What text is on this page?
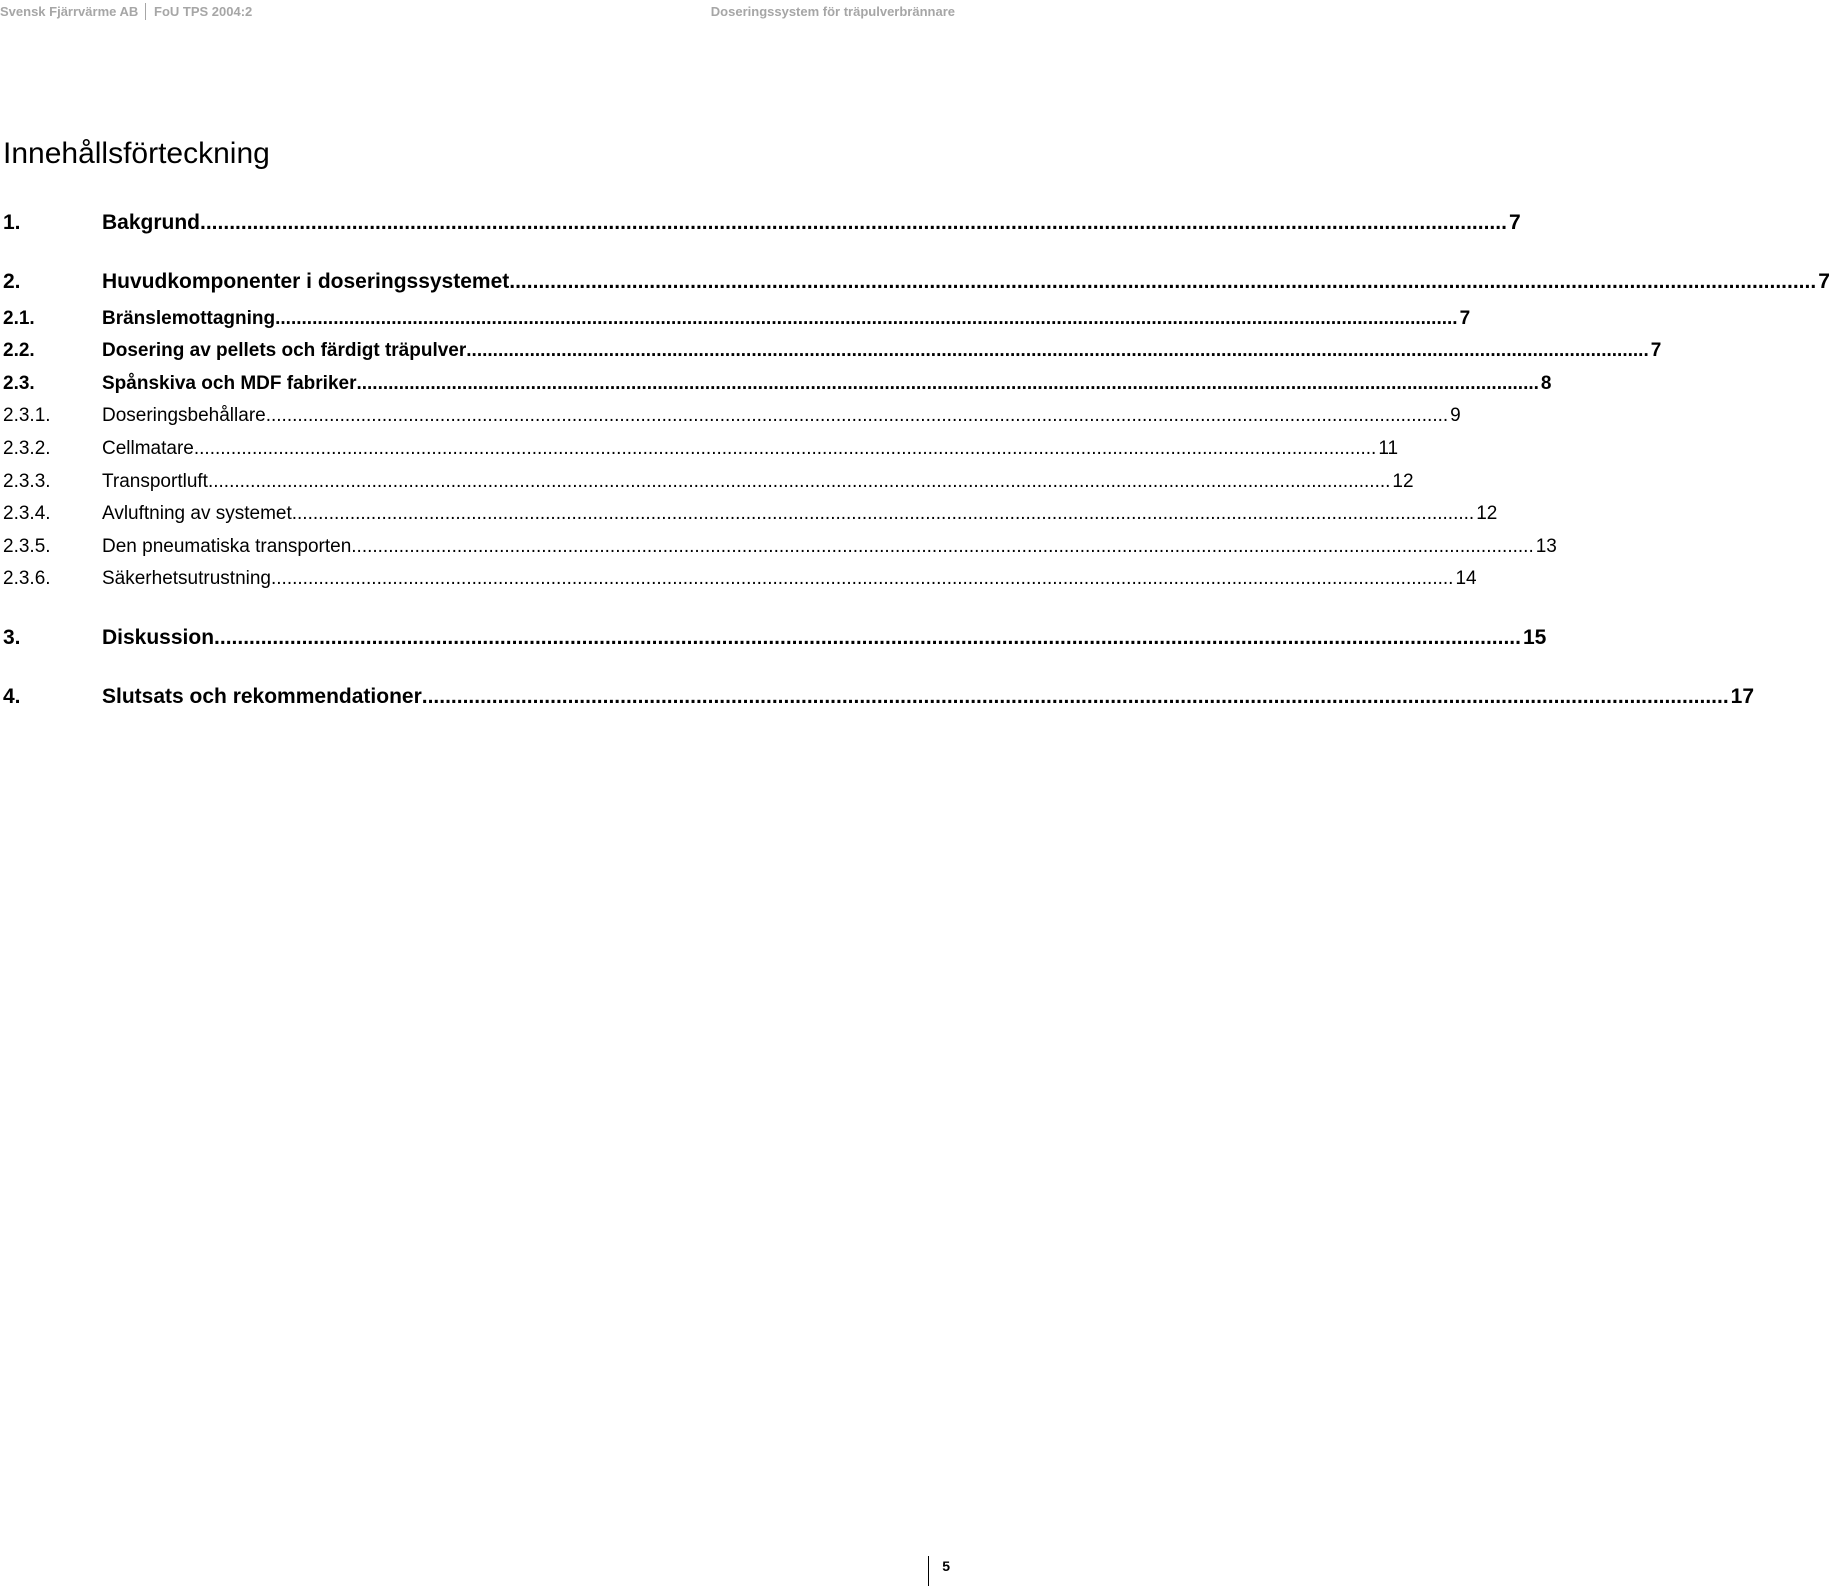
Svensk Fjärrvärme AB FoU TPS 2004:2	Doseringssystem för träpulverbrännare
Innehållsförteckning
1.	Bakgrund .....	7
2.	Huvudkomponenter i doseringssystemet .....	7
2.1.	Bränslemottagning .....	7
2.2.	Dosering av pellets och färdigt träpulver .....	7
2.3.	Spånskiva och MDF fabriker .....	8
2.3.1.	Doseringsbehållare .....	9
2.3.2.	Cellmatare .....	11
2.3.3.	Transportluft .....	12
2.3.4.	Avluftning av systemet .....	12
2.3.5.	Den pneumatiska transporten .....	13
2.3.6.	Säkerhetsutrustning .....	14
3.	Diskussion .....	15
4.	Slutsats och rekommendationer .....	17
5
